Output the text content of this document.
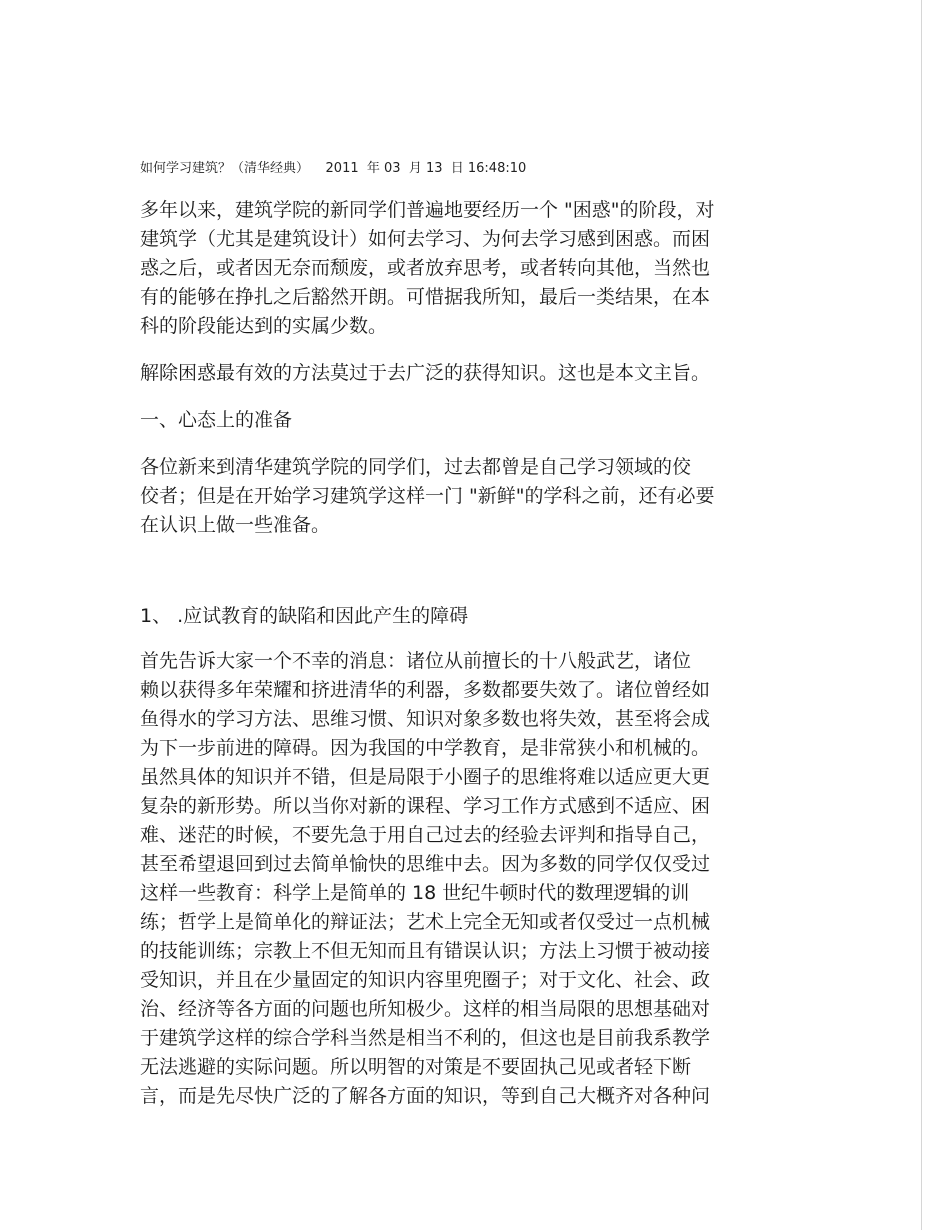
如何学习建筑？（清华经典）    2011  年 03  月 13  日 16:48:10

多年以来，建筑学院的新同学们普遍地要经历一个 "困惑"的阶段，对
建筑学（尤其是建筑设计）如何去学习、为何去学习感到困惑。而困
惑之后，或者因无奈而颓废，或者放弃思考，或者转向其他，当然也
有的能够在挣扎之后豁然开朗。可惜据我所知，最后一类结果，在本
科的阶段能达到的实属少数。

解除困惑最有效的方法莫过于去广泛的获得知识。这也是本文主旨。

一、心态上的准备

各位新来到清华建筑学院的同学们，过去都曾是自己学习领域的佼
佼者；但是在开始学习建筑学这样一门 "新鲜"的学科之前，还有必要
在认识上做一些准备。

1、 .应试教育的缺陷和因此产生的障碍

首先告诉大家一个不幸的消息：诸位从前擅长的十八般武艺，诸位
赖以获得多年荣耀和挤进清华的利器，多数都要失效了。诸位曾经如
鱼得水的学习方法、思维习惯、知识对象多数也将失效，甚至将会成
为下一步前进的障碍。因为我国的中学教育，是非常狭小和机械的。
虽然具体的知识并不错，但是局限于小圈子的思维将难以适应更大更
复杂的新形势。所以当你对新的课程、学习工作方式感到不适应、困
难、迷茫的时候，不要先急于用自己过去的经验去评判和指导自己，
甚至希望退回到过去简单愉快的思维中去。因为多数的同学仅仅受过
这样一些教育：科学上是简单的 18 世纪牛顿时代的数理逻辑的训
练；哲学上是简单化的辩证法；艺术上完全无知或者仅受过一点机械
的技能训练；宗教上不但无知而且有错误认识；方法上习惯于被动接
受知识，并且在少量固定的知识内容里兜圈子；对于文化、社会、政
治、经济等各方面的问题也所知极少。这样的相当局限的思想基础对
于建筑学这样的综合学科当然是相当不利的，但这也是目前我系教学
无法逃避的实际问题。所以明智的对策是不要固执己见或者轻下断
言，而是先尽快广泛的了解各方面的知识，等到自己大概齐对各种问
